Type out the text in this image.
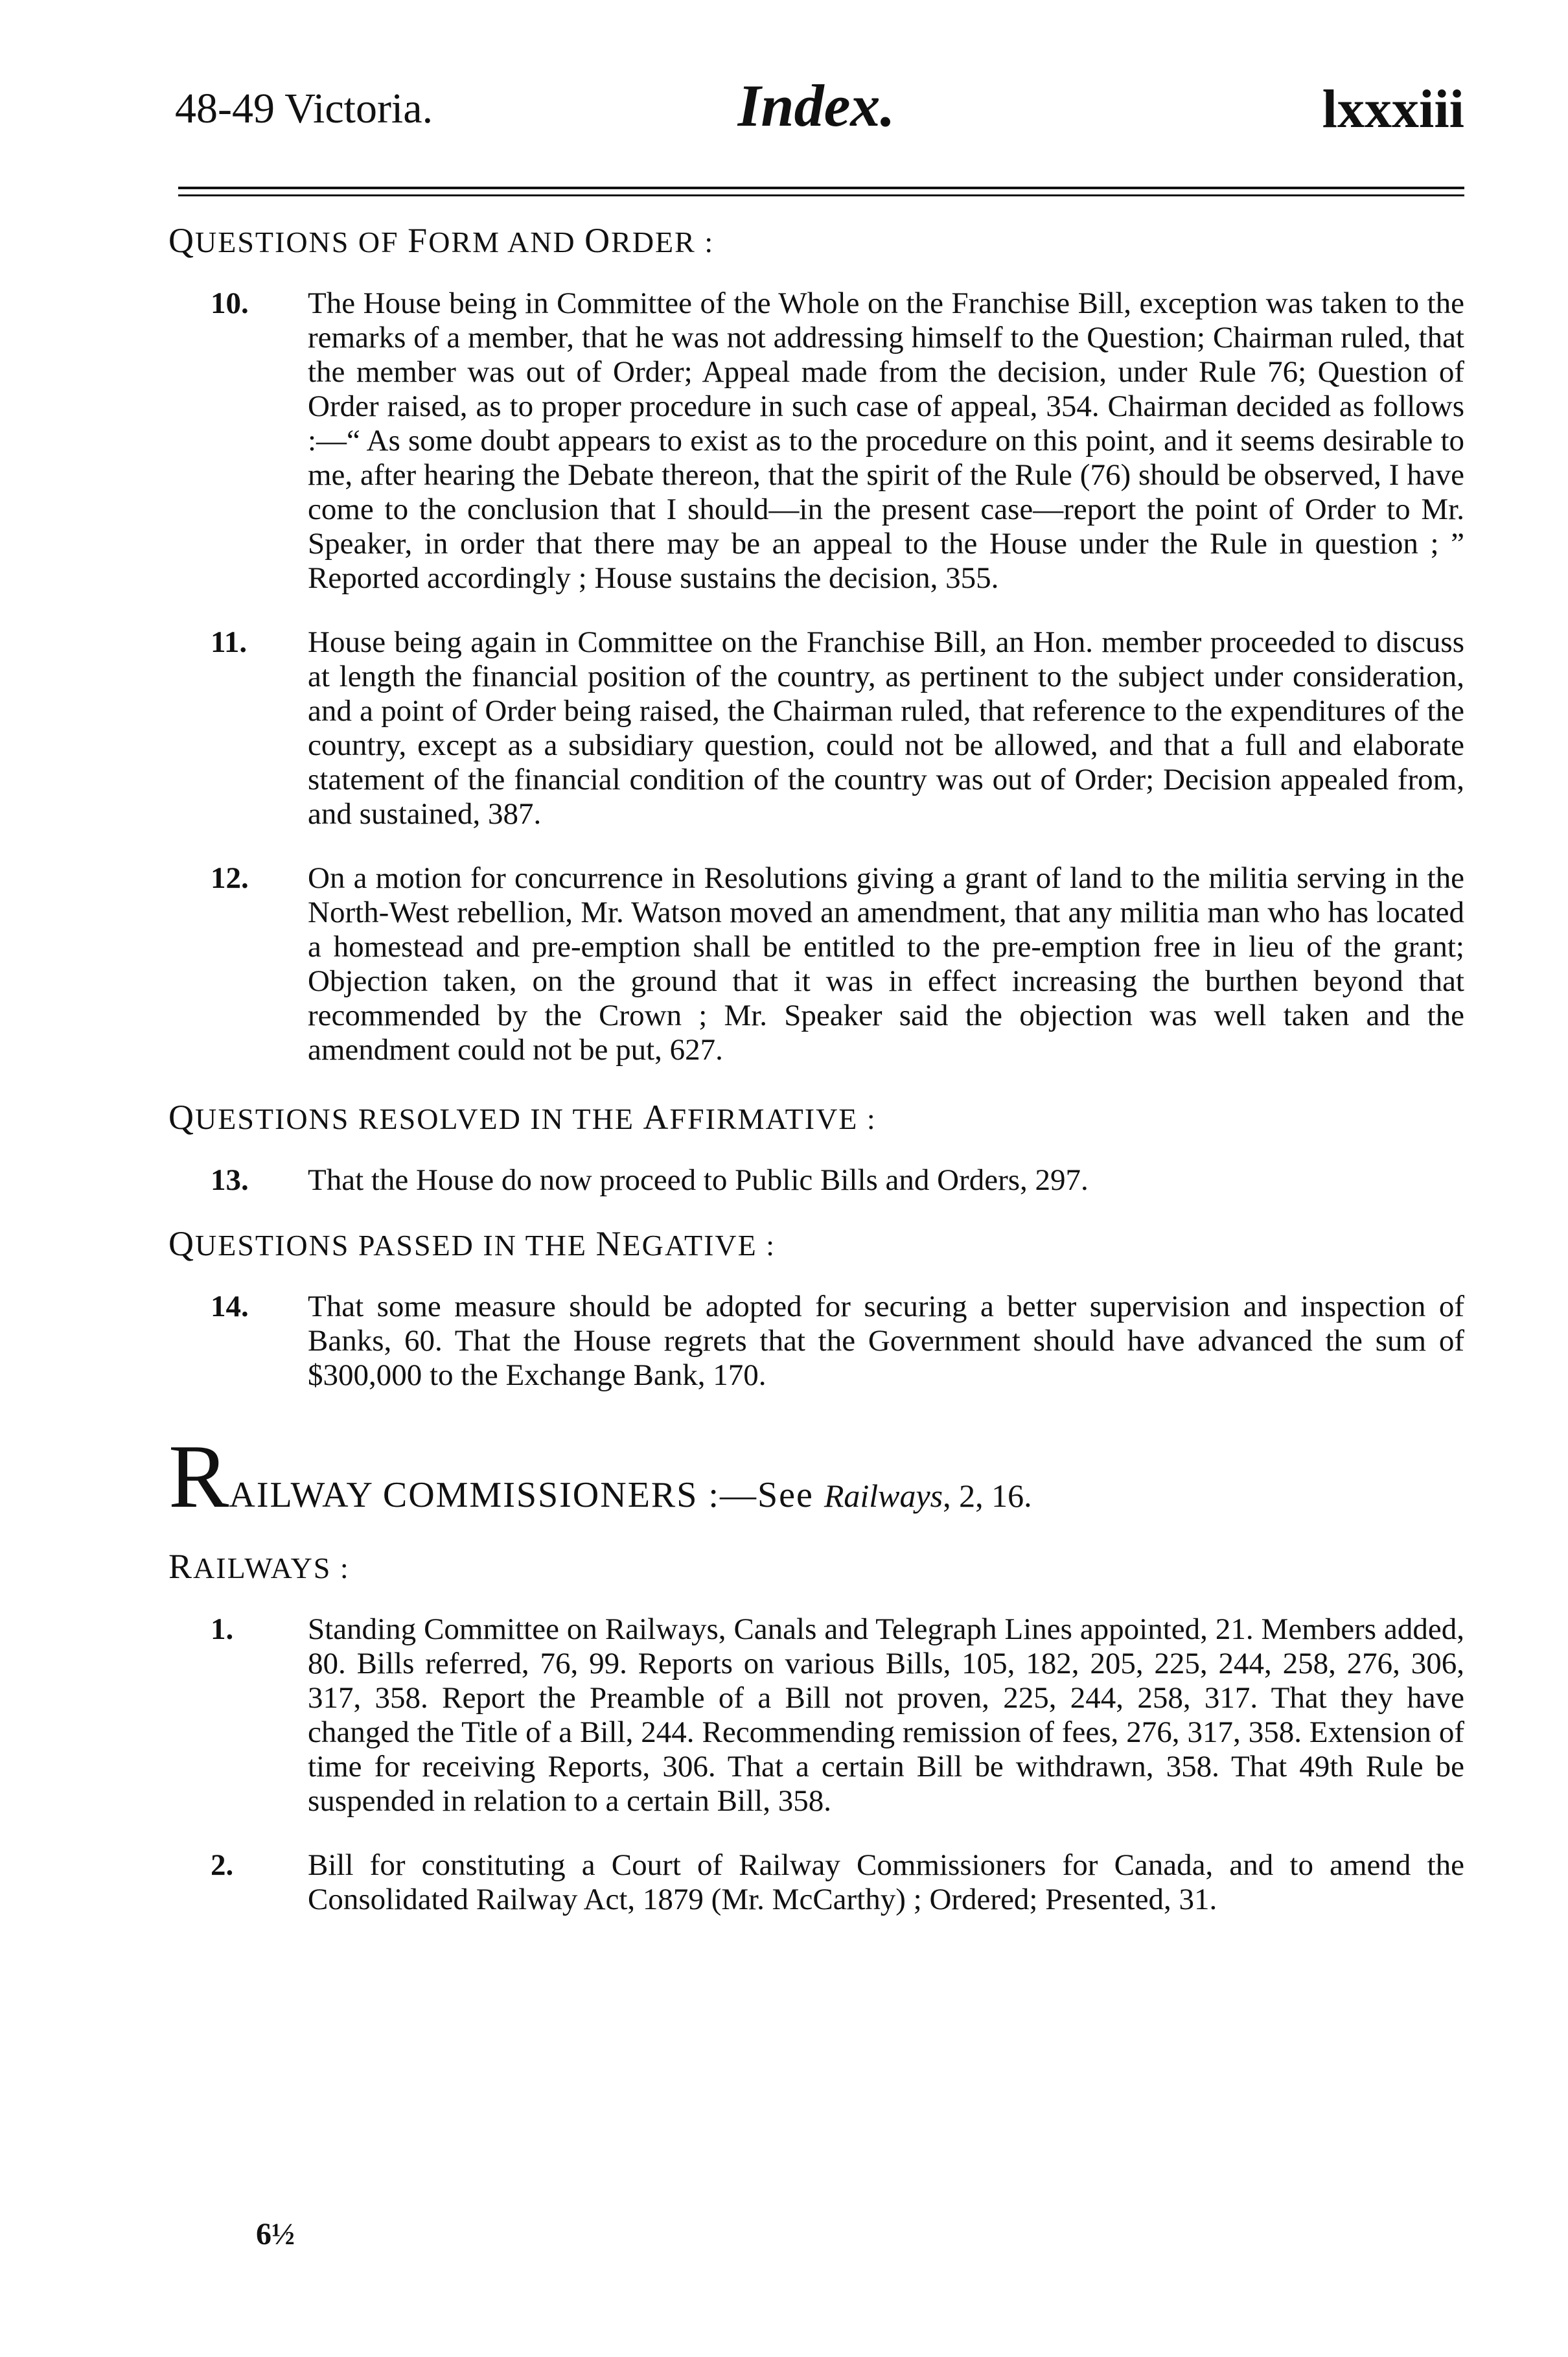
48-49 Victoria.	Index.	lxxxiii
QUESTIONS OF FORM AND ORDER :
10. The House being in Committee of the Whole on the Franchise Bill, exception was taken to the remarks of a member, that he was not addressing himself to the Question; Chairman ruled, that the member was out of Order; Appeal made from the decision, under Rule 76; Question of Order raised, as to proper procedure in such case of appeal, 354. Chairman decided as follows :—“ As some doubt appears to exist as to the procedure on this point, and it seems desirable to me, after hearing the Debate thereon, that the spirit of the Rule (76) should be observed, I have come to the conclusion that I should—in the present case—report the point of Order to Mr. Speaker, in order that there may be an appeal to the House under the Rule in question ; ” Reported accordingly ; House sustains the decision, 355.
11. House being again in Committee on the Franchise Bill, an Hon. member proceeded to discuss at length the financial position of the country, as pertinent to the subject under consideration, and a point of Order being raised, the Chairman ruled, that reference to the expenditures of the country, except as a subsidiary question, could not be allowed, and that a full and elaborate statement of the financial condition of the country was out of Order; Decision appealed from, and sustained, 387.
12. On a motion for concurrence in Resolutions giving a grant of land to the militia serving in the North-West rebellion, Mr. Watson moved an amendment, that any militia man who has located a homestead and pre-emption shall be entitled to the pre-emption free in lieu of the grant; Objection taken, on the ground that it was in effect increasing the burthen beyond that recommended by the Crown ; Mr. Speaker said the objection was well taken and the amendment could not be put, 627.
QUESTIONS RESOLVED IN THE AFFIRMATIVE :
13. That the House do now proceed to Public Bills and Orders, 297.
QUESTIONS PASSED IN THE NEGATIVE :
14. That some measure should be adopted for securing a better supervision and inspection of Banks, 60. That the House regrets that the Government should have advanced the sum of $300,000 to the Exchange Bank, 170.
RAILWAY COMMISSIONERS :—See Railways, 2, 16.
RAILWAYS :
1. Standing Committee on Railways, Canals and Telegraph Lines appointed, 21. Members added, 80. Bills referred, 76, 99. Reports on various Bills, 105, 182, 205, 225, 244, 258, 276, 306, 317, 358. Report the Preamble of a Bill not proven, 225, 244, 258, 317. That they have changed the Title of a Bill, 244. Recommending remission of fees, 276, 317, 358. Extension of time for receiving Reports, 306. That a certain Bill be withdrawn, 358. That 49th Rule be suspended in relation to a certain Bill, 358.
2. Bill for constituting a Court of Railway Commissioners for Canada, and to amend the Consolidated Railway Act, 1879 (Mr. McCarthy) ; Ordered; Presented, 31.
6½
